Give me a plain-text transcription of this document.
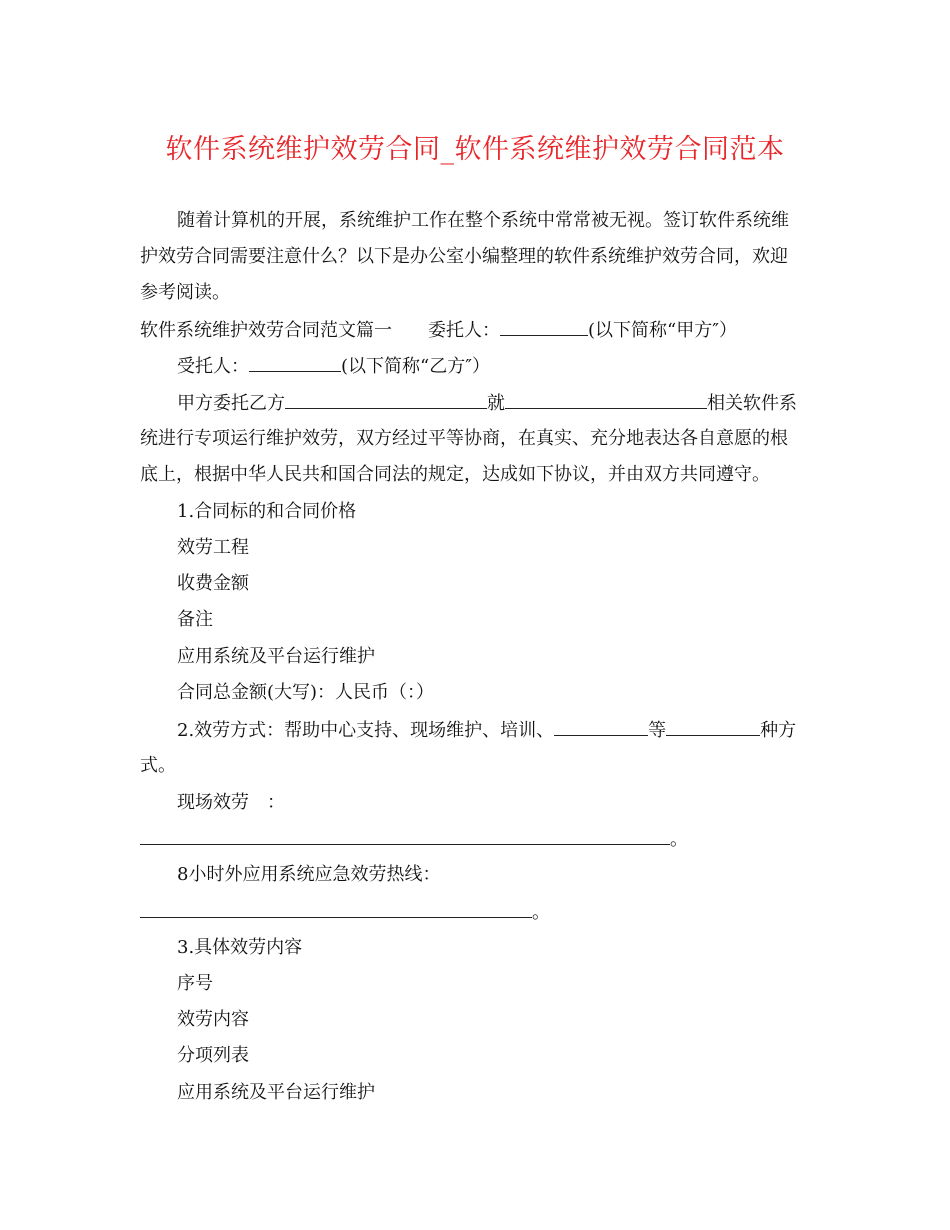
软件系统维护效劳合同_软件系统维护效劳合同范本
随着计算机的开展，系统维护工作在整个系统中常常被无视。签订软件系统维
护效劳合同需要注意什么？以下是办公室小编整理的软件系统维护效劳合同，欢迎
参考阅读。
软件系统维护效劳合同范文篇一 委托人：	(以下简称“甲方″）
受托人：	(以下简称“乙方″）
甲方委托乙方	就	相关软件系
统进行专项运行维护效劳，双方经过平等协商，在真实、充分地表达各自意愿的根
底上，根据中华人民共和国合同法的规定，达成如下协议，并由双方共同遵守。
1.合同标的和合同价格
效劳工程
收费金额
备注
应用系统及平台运行维护
合同总金额(大写)：人民币（：）
2.效劳方式：帮助中心支持、现场维护、培训、	等	种方
式。
现场效劳　：
。
8小时外应用系统应急效劳热线：
。
3.具体效劳内容
序号
效劳内容
分项列表
应用系统及平台运行维护
